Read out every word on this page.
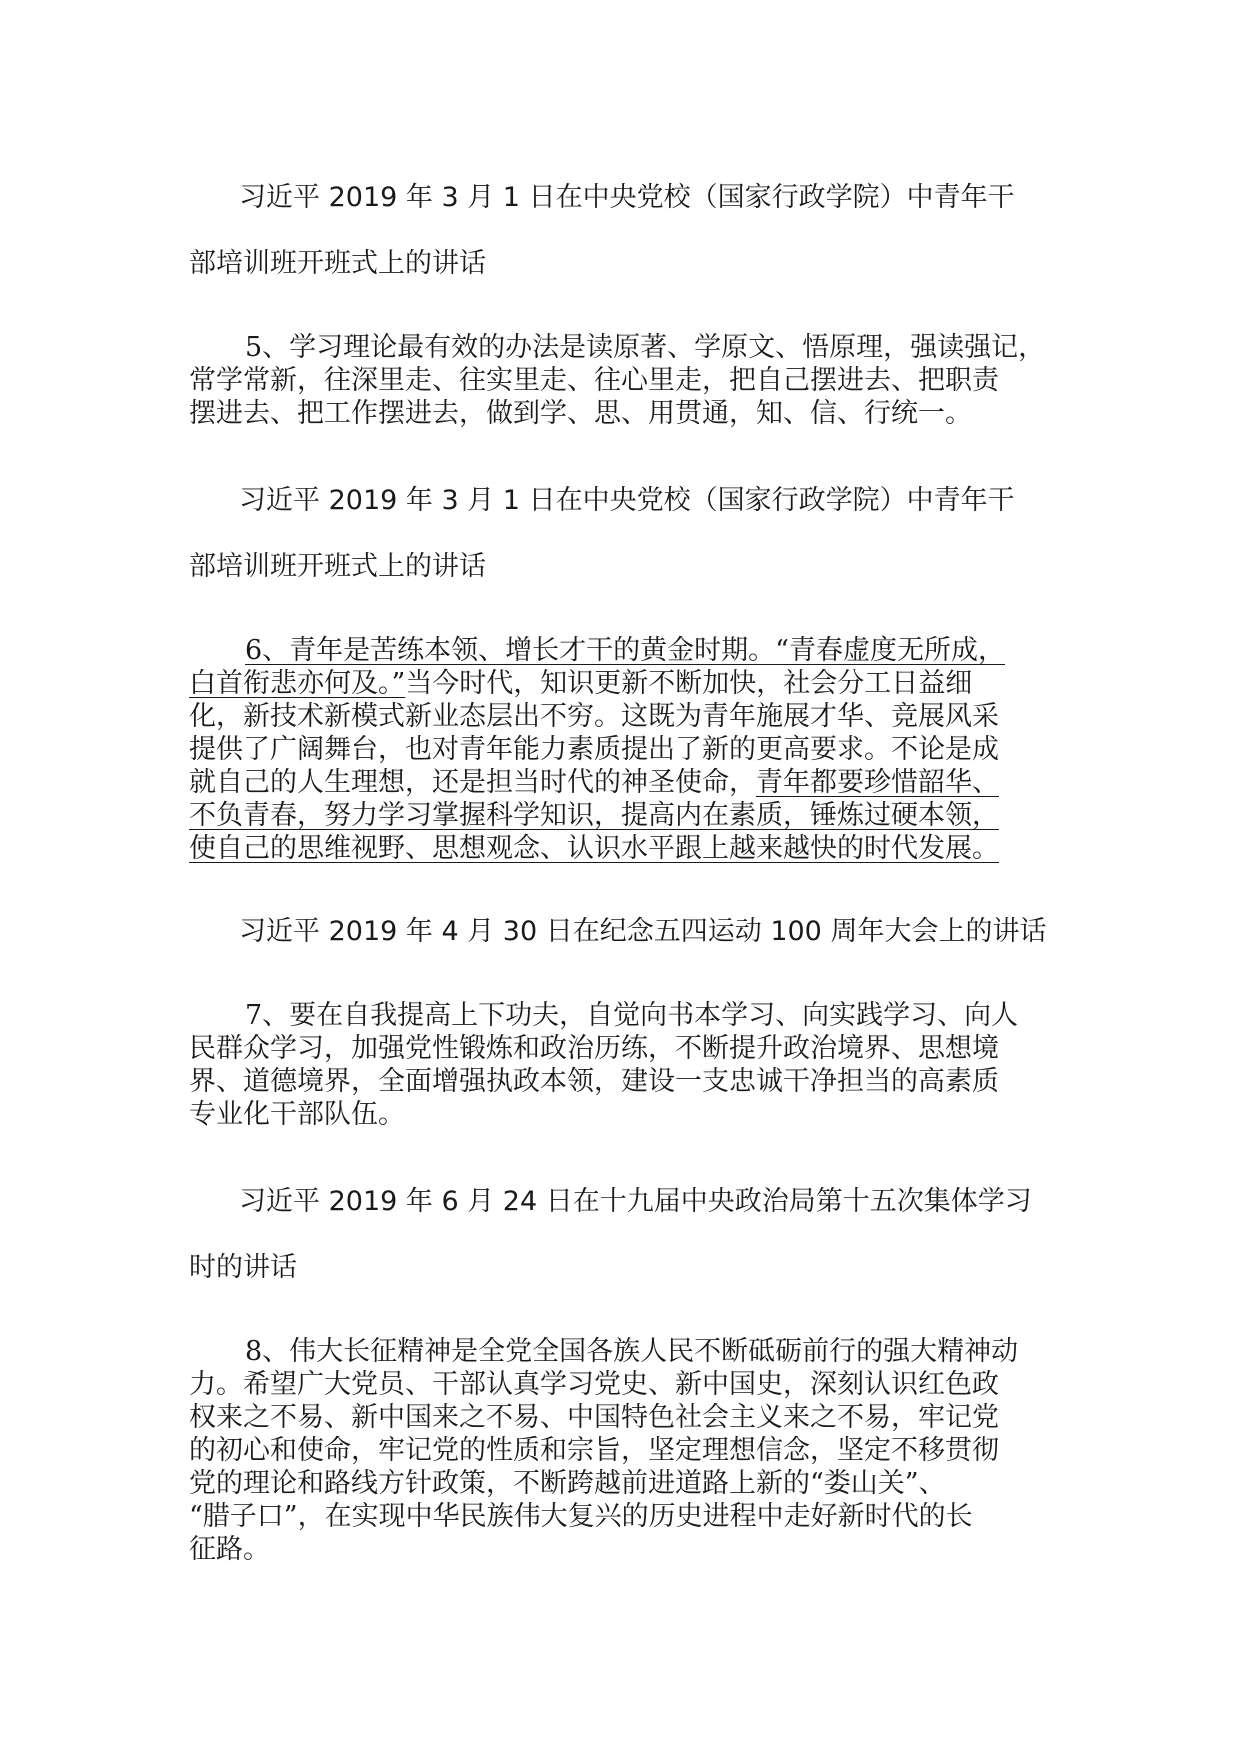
习近平 2019 年 3 月 1 日在中央党校（国家行政学院）中青年干

部培训班开班式上的讲话

5、学习理论最有效的办法是读原著、学原文、悟原理，强读强记，
常学常新，往深里走、往实里走、往心里走，把自己摆进去、把职责
摆进去、把工作摆进去，做到学、思、用贯通，知、信、行统一。

习近平 2019 年 3 月 1 日在中央党校（国家行政学院）中青年干

部培训班开班式上的讲话

6、青年是苦练本领、增长才干的黄金时期。“青春虚度无所成，
白首衔悲亦何及。”当今时代，知识更新不断加快，社会分工日益细
化，新技术新模式新业态层出不穷。这既为青年施展才华、竞展风采
提供了广阔舞台，也对青年能力素质提出了新的更高要求。不论是成
就自己的人生理想，还是担当时代的神圣使命，青年都要珍惜韶华、
不负青春，努力学习掌握科学知识，提高内在素质，锤炼过硬本领，
使自己的思维视野、思想观念、认识水平跟上越来越快的时代发展。

习近平 2019 年 4 月 30 日在纪念五四运动 100 周年大会上的讲话

7、要在自我提高上下功夫，自觉向书本学习、向实践学习、向人
民群众学习，加强党性锻炼和政治历练，不断提升政治境界、思想境
界、道德境界，全面增强执政本领，建设一支忠诚干净担当的高素质
专业化干部队伍。

习近平 2019 年 6 月 24 日在十九届中央政治局第十五次集体学习

时的讲话

8、伟大长征精神是全党全国各族人民不断砥砺前行的强大精神动
力。希望广大党员、干部认真学习党史、新中国史，深刻认识红色政
权来之不易、新中国来之不易、中国特色社会主义来之不易，牢记党
的初心和使命，牢记党的性质和宗旨，坚定理想信念，坚定不移贯彻
党的理论和路线方针政策，不断跨越前进道路上新的“娄山关”、
“腊子口”，在实现中华民族伟大复兴的历史进程中走好新时代的长
征路。
